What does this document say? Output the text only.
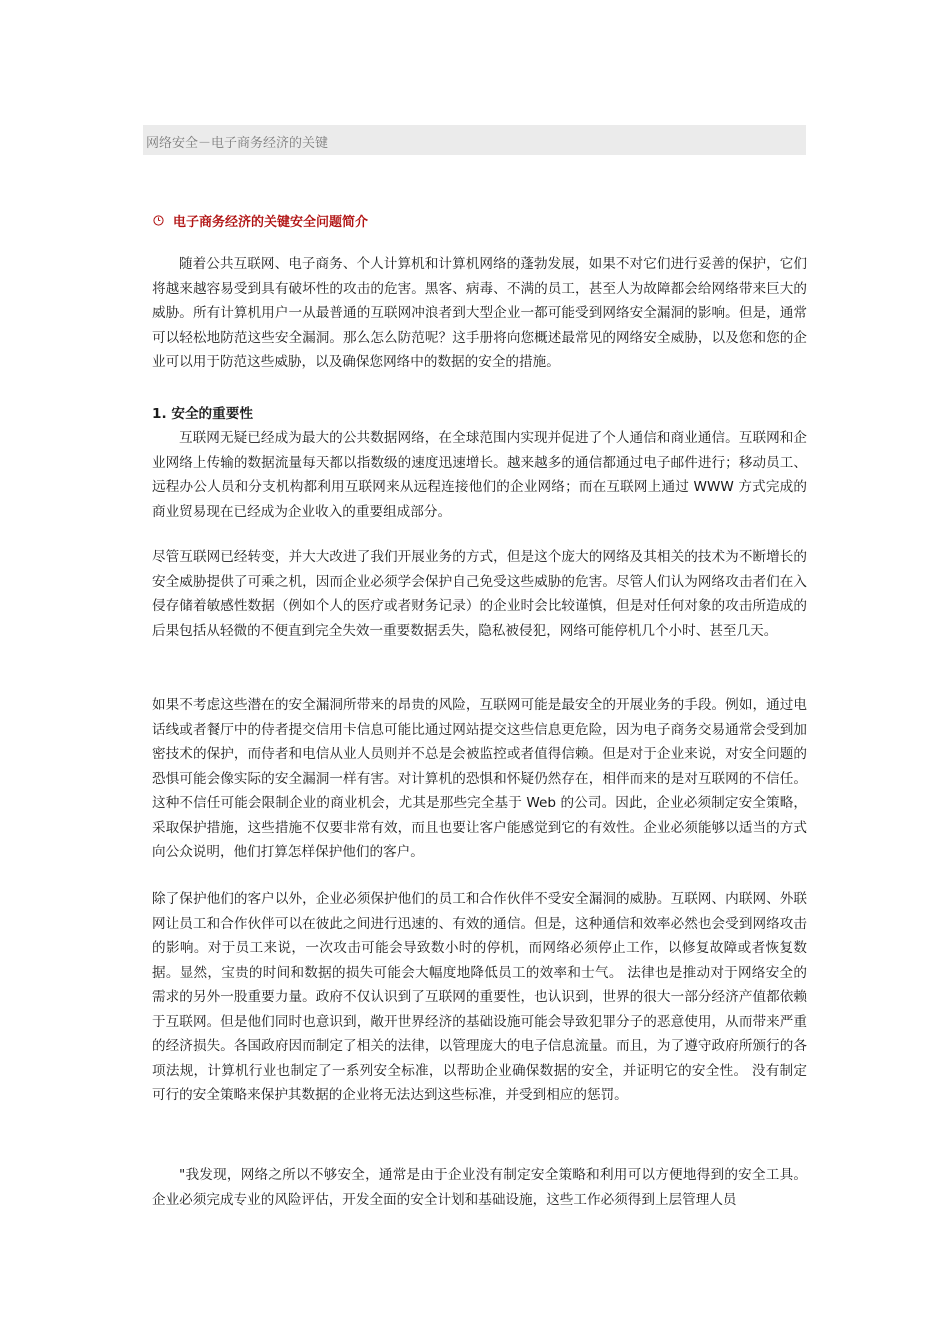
网络安全－电子商务经济的关键
电子商务经济的关键安全问题简介

随着公共互联网、电子商务、个人计算机和计算机网络的蓬勃发展，如果不对它们进行妥善的保护，它们将越来越容易受到具有破坏性的攻击的危害。黑客、病毒、不满的员工，甚至人为故障都会给网络带来巨大的威胁。所有计算机用户一从最普通的互联网冲浪者到大型企业一都可能受到网络安全漏洞的影响。但是，通常可以轻松地防范这些安全漏洞。那么怎么防范呢？这手册将向您概述最常见的网络安全威胁，以及您和您的企业可以用于防范这些威胁，以及确保您网络中的数据的安全的措施。

1. 安全的重要性

互联网无疑已经成为最大的公共数据网络，在全球范围内实现并促进了个人通信和商业通信。互联网和企业网络上传输的数据流量每天都以指数级的速度迅速增长。越来越多的通信都通过电子邮件进行；移动员工、远程办公人员和分支机构都利用互联网来从远程连接他们的企业网络；而在互联网上通过 WWW 方式完成的商业贸易现在已经成为企业收入的重要组成部分。

尽管互联网已经转变，并大大改进了我们开展业务的方式，但是这个庞大的网络及其相关的技术为不断增长的安全威胁提供了可乘之机，因而企业必须学会保护自己免受这些威胁的危害。尽管人们认为网络攻击者们在入侵存储着敏感性数据（例如个人的医疗或者财务记录）的企业时会比较谨慎，但是对任何对象的攻击所造成的后果包括从轻微的不便直到完全失效一重要数据丢失，隐私被侵犯，网络可能停机几个小时、甚至几天。

如果不考虑这些潜在的安全漏洞所带来的昂贵的风险，互联网可能是最安全的开展业务的手段。例如，通过电话线或者餐厅中的侍者提交信用卡信息可能比通过网站提交这些信息更危险，因为电子商务交易通常会受到加密技术的保护，而侍者和电信从业人员则并不总是会被监控或者值得信赖。但是对于企业来说，对安全问题的恐惧可能会像实际的安全漏洞一样有害。对计算机的恐惧和怀疑仍然存在，相伴而来的是对互联网的不信任。这种不信任可能会限制企业的商业机会，尤其是那些完全基于 Web 的公司。因此，企业必须制定安全策略，采取保护措施，这些措施不仅要非常有效，而且也要让客户能感觉到它的有效性。企业必须能够以适当的方式向公众说明，他们打算怎样保护他们的客户。

除了保护他们的客户以外，企业必须保护他们的员工和合作伙伴不受安全漏洞的威胁。互联网、内联网、外联网让员工和合作伙伴可以在彼此之间进行迅速的、有效的通信。但是，这种通信和效率必然也会受到网络攻击的影响。对于员工来说，一次攻击可能会导致数小时的停机，而网络必须停止工作，以修复故障或者恢复数据。显然，宝贵的时间和数据的损失可能会大幅度地降低员工的效率和士气。 法律也是推动对于网络安全的需求的另外一股重要力量。政府不仅认识到了互联网的重要性，也认识到，世界的很大一部分经济产值都依赖于互联网。但是他们同时也意识到，敞开世界经济的基础设施可能会导致犯罪分子的恶意使用，从而带来严重的经济损失。各国政府因而制定了相关的法律，以管理庞大的电子信息流量。而且，为了遵守政府所颁行的各项法规，计算机行业也制定了一系列安全标准，以帮助企业确保数据的安全，并证明它的安全性。 没有制定可行的安全策略来保护其数据的企业将无法达到这些标准，并受到相应的惩罚。

"我发现，网络之所以不够安全，通常是由于企业没有制定安全策略和利用可以方便地得到的安全工具。企业必须完成专业的风险评估，开发全面的安全计划和基础设施，这些工作必须得到上层管理人员
